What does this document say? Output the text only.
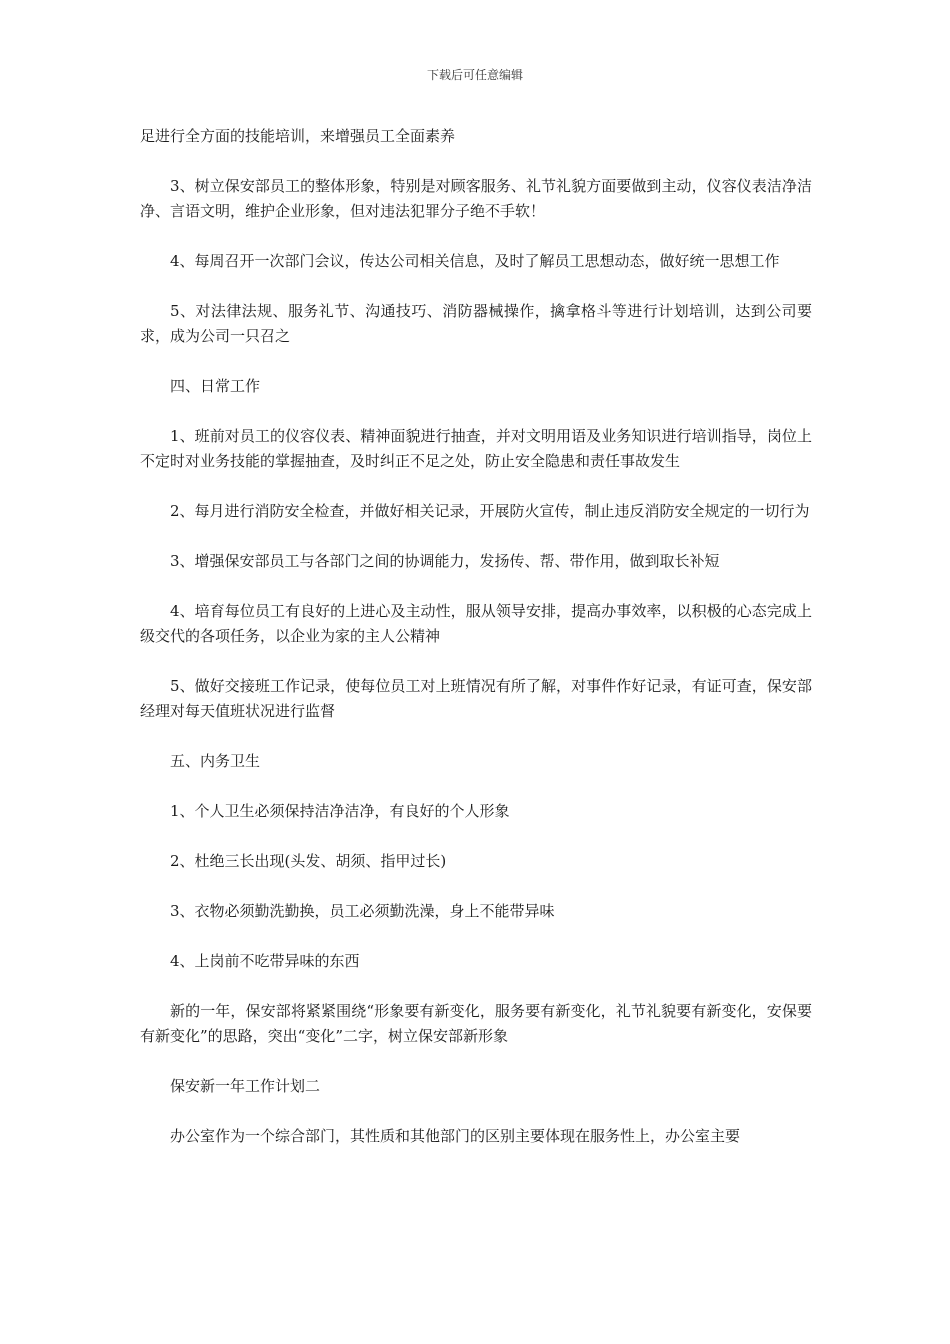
下载后可任意编辑

足进行全方面的技能培训，来增强员工全面素养

3、树立保安部员工的整体形象，特别是对顾客服务、礼节礼貌方面要做到主动，仪容仪表洁净洁净、言语文明，维护企业形象，但对违法犯罪分子绝不手软！

4、每周召开一次部门会议，传达公司相关信息，及时了解员工思想动态，做好统一思想工作

5、对法律法规、服务礼节、沟通技巧、消防器械操作，擒拿格斗等进行计划培训，达到公司要求，成为公司一只召之

四、日常工作

1、班前对员工的仪容仪表、精神面貌进行抽查，并对文明用语及业务知识进行培训指导，岗位上不定时对业务技能的掌握抽查，及时纠正不足之处，防止安全隐患和责任事故发生

2、每月进行消防安全检查，并做好相关记录，开展防火宣传，制止违反消防安全规定的一切行为

3、增强保安部员工与各部门之间的协调能力，发扬传、帮、带作用，做到取长补短

4、培育每位员工有良好的上进心及主动性，服从领导安排，提高办事效率，以积极的心态完成上级交代的各项任务，以企业为家的主人公精神

5、做好交接班工作记录，使每位员工对上班情况有所了解，对事件作好记录，有证可查，保安部经理对每天值班状况进行监督

五、内务卫生

1、个人卫生必须保持洁净洁净，有良好的个人形象

2、杜绝三长出现(头发、胡须、指甲过长)

3、衣物必须勤洗勤换，员工必须勤洗澡，身上不能带异味

4、上岗前不吃带异味的东西

新的一年，保安部将紧紧围绕“形象要有新变化，服务要有新变化，礼节礼貌要有新变化，安保要有新变化”的思路，突出“变化”二字，树立保安部新形象

保安新一年工作计划二

办公室作为一个综合部门，其性质和其他部门的区别主要体现在服务性上，办公室主要
